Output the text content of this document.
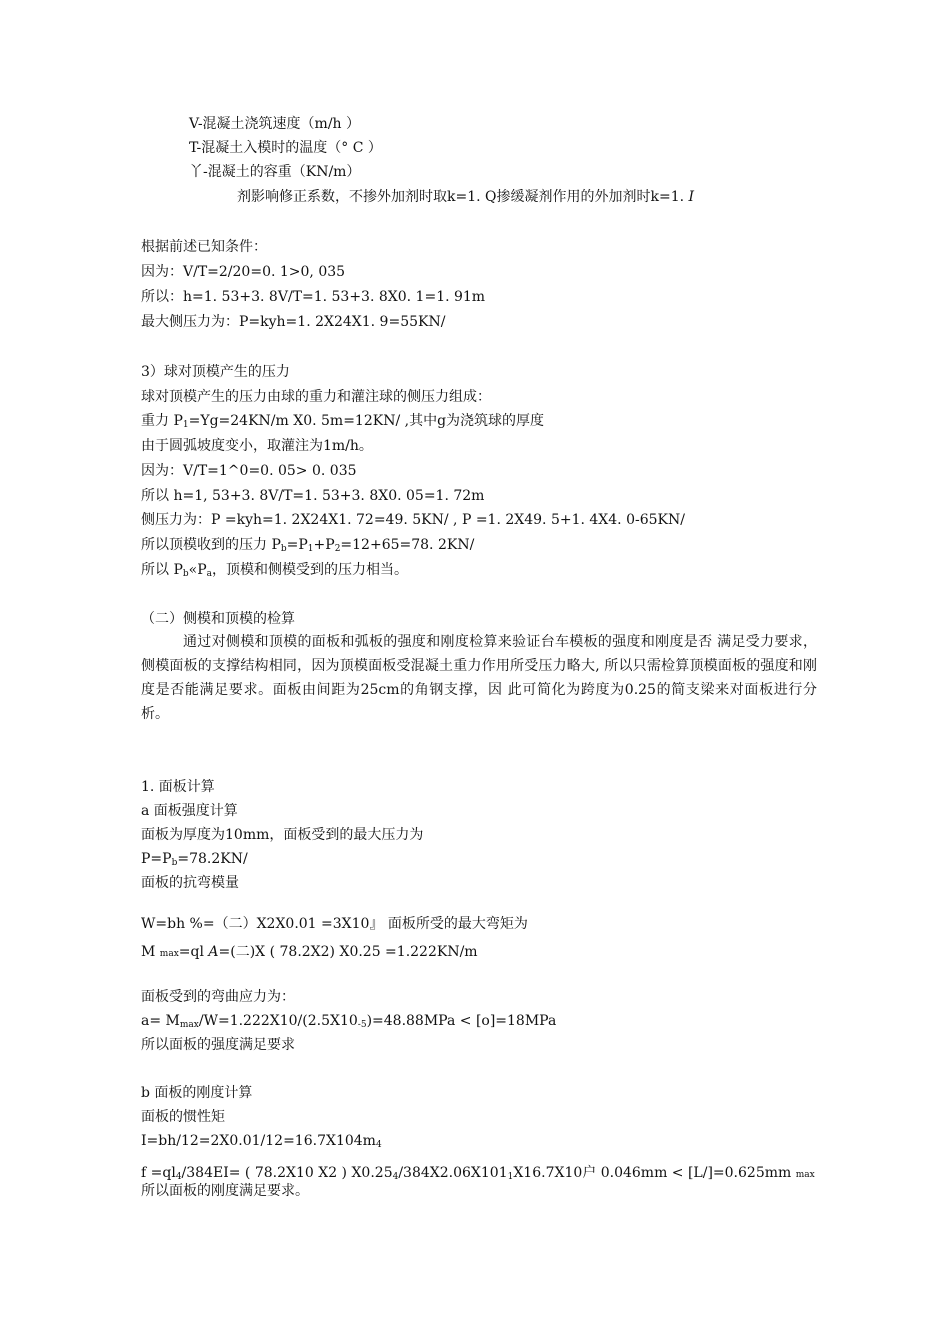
V-混凝土浇筑速度（m/h ）
T-混凝土入模时的温度（° C ）
丫-混凝土的容重（KN/m）
剂影响修正系数，不掺外加剂时取k=1. Q掺缓凝剂作用的外加剂时k=1. I
根据前述已知条件：
因为：V/T=2/20=0. 1>0, 035
所以：h=1. 53+3. 8V/T=1. 53+3. 8X0. 1=1. 91m
最大侧压力为：P=kyh=1. 2X24X1. 9=55KN/
3）球对顶模产生的压力
球对顶模产生的压力由球的重力和灌注球的侧压力组成：
重力 $P_1=Yg=24KN/m$ X0. 5m=12KN/ ,其中g为浇筑球的厚度
由于圆弧坡度变小，取灌注为1m/h。
因为：V/T=1^0=0. 05> 0. 035
所以 h=1, 53+3. 8V/T=1. 53+3. 8X0. 05=1. 72m
侧压力为：P =kyh=1. 2X24X1. 72=49. 5KN/ , P =1. 2X49. 5+1. 4X4. 0-65KN/
所以顶模收到的压力 $P_b=P_1+P_2=12+65=78$. 2KN/
所以 $P_b«P_a$，顶模和侧模受到的压力相当。
（二）侧模和顶模的检算
通过对侧模和顶模的面板和弧板的强度和刚度检算来验证台车模板的强度和刚度是否 满足受力要求，侧模面板的支撑结构相同，因为顶模面板受混凝土重力作用所受压力略大, 所以只需检算顶模面板的强度和刚度是否能满足要求。面板由间距为25cm的角钢支撑，因 此可简化为跨度为0.25的简支梁来对面板进行分析。
1. 面板计算
a 面板强度计算
面板为厚度为10mm，面板受到的最大压力为
$P=P_b=78.2KN/$
面板的抗弯模量
W=bh %=（二）X2X0.01 =3X10』 面板所受的最大弯矩为
M max=ql A=(二)X ( 78.2X2) X0.25 =1.222KN/m
面板受到的弯曲应力为：
$a= M_{max}/W=1.222X10/(2.5X10_{-5})=48.88MPa < [o]=18MPa$
所以面板的强度满足要求
b 面板的刚度计算
面板的惯性矩
$I=bh/12=2X0.01/12=16.7X104m_4$
$f =ql_4/384EI=$ ( 78.2X10 X2 ) $X0.25_4/384X2.06X101_1X16.7X10$户 0.046mm < [L/]=0.625mm max
所以面板的刚度满足要求。
